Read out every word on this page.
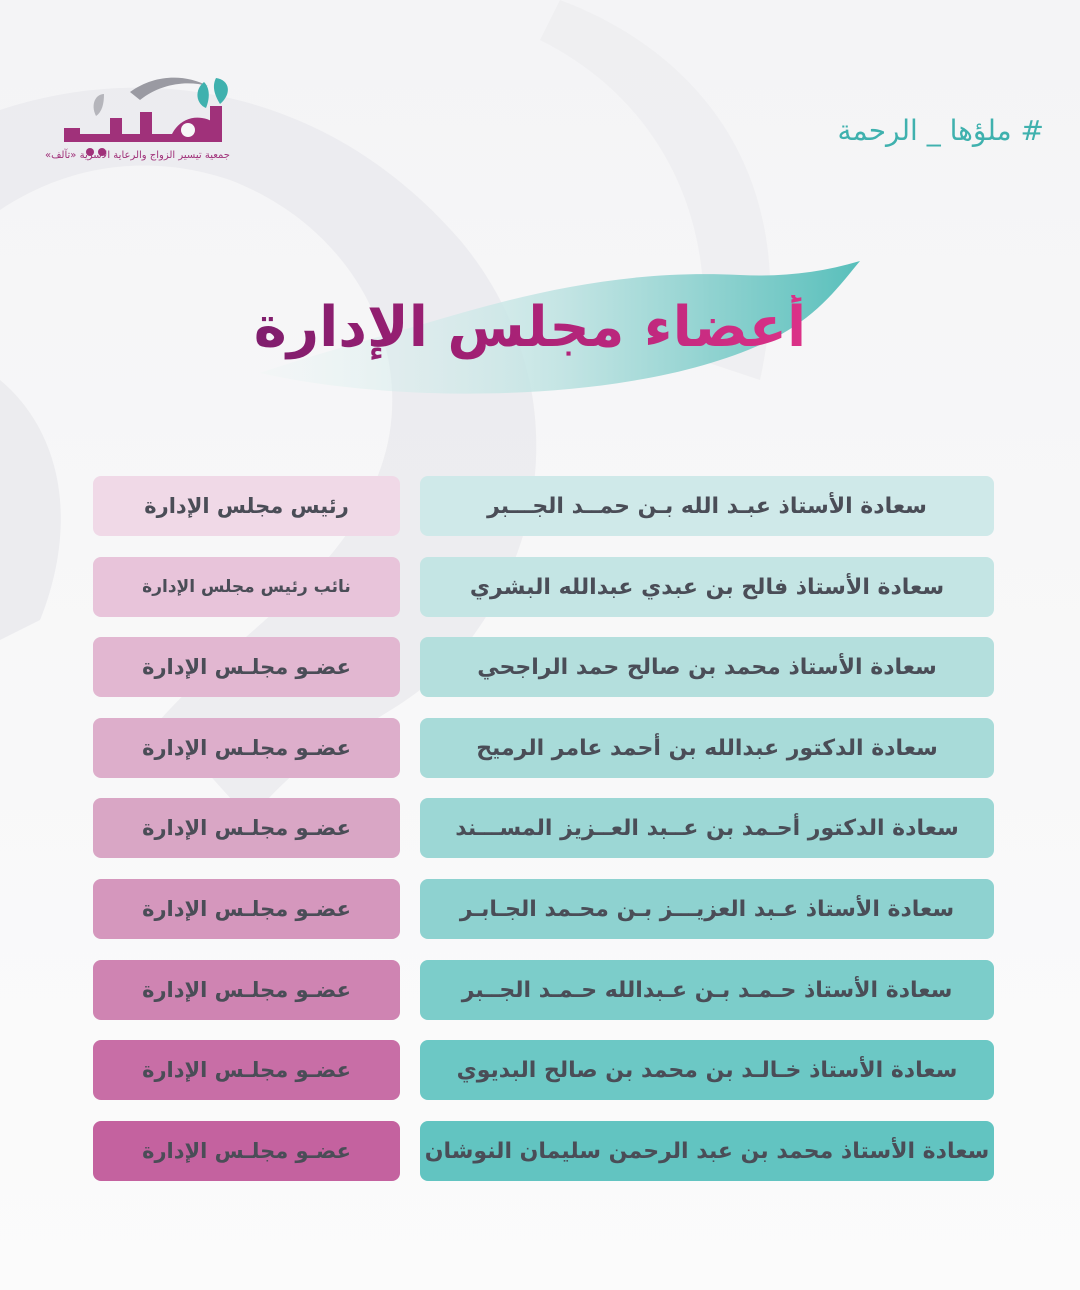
جمعية تيسير الزواج والرعاية الأسرية «تآلف»
# ملؤها _ الرحمة
أعضاء مجلس الإدارة
سعادة الأستاذ عبـد الله بـن حمــد الجـــبر
رئيس مجلس الإدارة
سعادة الأستاذ فالح بن عبدي عبدالله البشري
نائب رئيس مجلس الإدارة
سعادة الأستاذ محمد بن صالح حمد الراجحي
عضـو مجلـس الإدارة
سعادة الدكتور عبدالله بن أحمد عامر الرميح
عضـو مجلـس الإدارة
سعادة الدكتور أحـمد بن عــبد العــزيز المســـند
عضـو مجلـس الإدارة
سعادة الأستاذ عـبد العزيـــز بـن محـمد الجـابـر
عضـو مجلـس الإدارة
سعادة الأستاذ حـمـد بـن عـبدالله حـمـد الجــبر
عضـو مجلـس الإدارة
سعادة الأستاذ خـالـد بن محمد بن صالح البديوي
عضـو مجلـس الإدارة
سعادة الأستاذ محمد بن عبد الرحمن سليمان النوشان
عضـو مجلـس الإدارة
